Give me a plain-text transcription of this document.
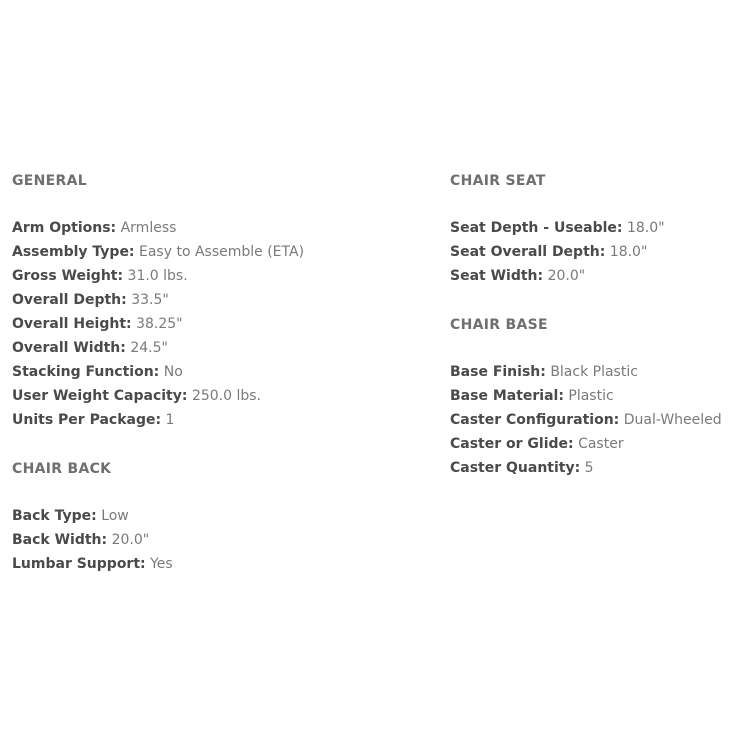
GENERAL
Arm Options: Armless
Assembly Type: Easy to Assemble (ETA)
Gross Weight: 31.0 lbs.
Overall Depth: 33.5"
Overall Height: 38.25"
Overall Width: 24.5"
Stacking Function: No
User Weight Capacity: 250.0 lbs.
Units Per Package: 1
CHAIR BACK
Back Type: Low
Back Width: 20.0"
Lumbar Support: Yes
CHAIR SEAT
Seat Depth - Useable: 18.0"
Seat Overall Depth: 18.0"
Seat Width: 20.0"
CHAIR BASE
Base Finish: Black Plastic
Base Material: Plastic
Caster Configuration: Dual-Wheeled
Caster or Glide: Caster
Caster Quantity: 5
